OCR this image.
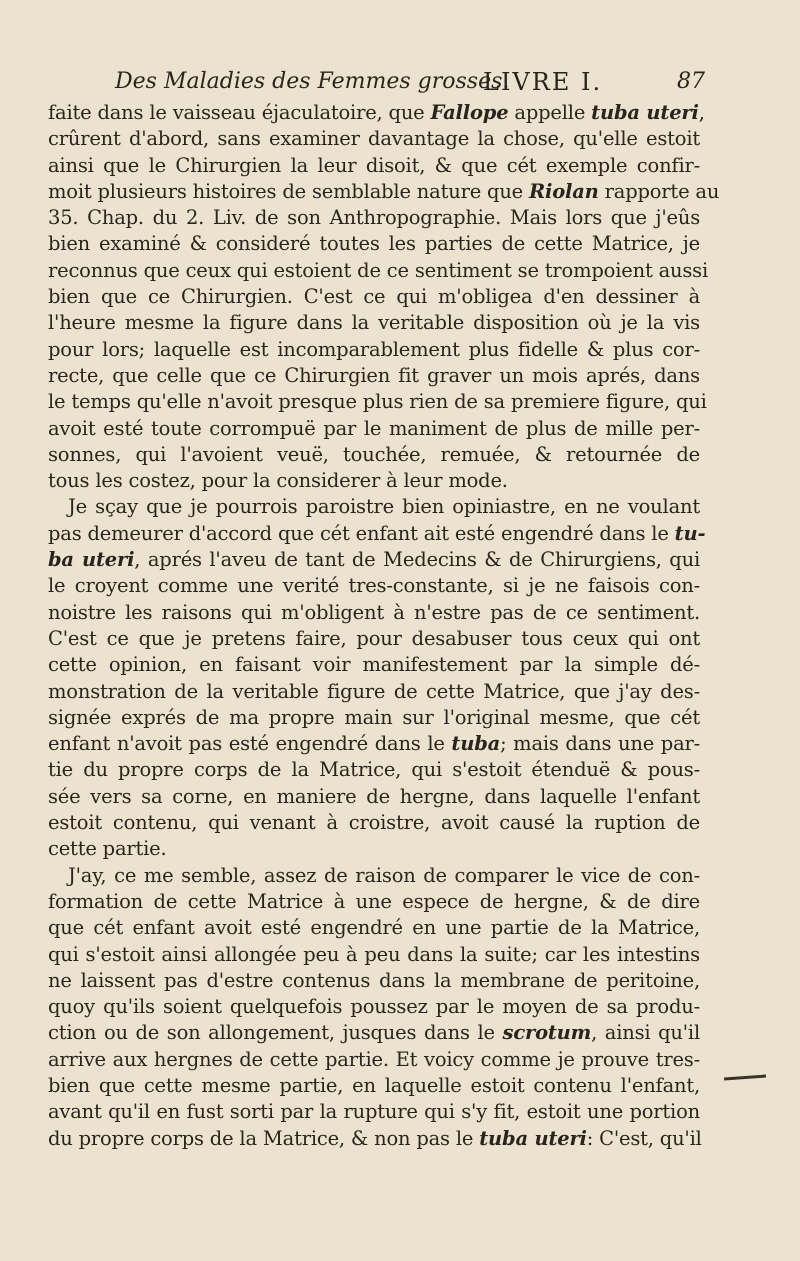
Des Maladies des Femmes grosses.
LIVRE I.	87
faite dans le vaisseau éjaculatoire, que Fallope appelle tuba uteri,
crûrent d'abord, sans examiner davantage la chose, qu'elle estoit
ainsi que le Chirurgien la leur disoit, & que cét exemple confir-
moit plusieurs histoires de semblable nature que Riolan rapporte au
35. Chap. du 2. Liv. de son Anthropographie. Mais lors que j'eûs
bien examiné & consideré toutes les parties de cette Matrice, je
reconnus que ceux qui estoient de ce sentiment se trompoient aussi
bien que ce Chirurgien. C'est ce qui m'obligea d'en dessiner à
l'heure mesme la figure dans la veritable disposition où je la vis
pour lors; laquelle est incomparablement plus fidelle & plus cor-
recte, que celle que ce Chirurgien fit graver un mois aprés, dans
le temps qu'elle n'avoit presque plus rien de sa premiere figure, qui
avoit esté toute corrompuë par le maniment de plus de mille per-
sonnes, qui l'avoient veuë, touchée, remuée, & retournée de
tous les costez, pour la considerer à leur mode.
Je sçay que je pourrois paroistre bien opiniastre, en ne voulant
pas demeurer d'accord que cét enfant ait esté engendré dans le tu-
ba uteri, aprés l'aveu de tant de Medecins & de Chirurgiens, qui
le croyent comme une verité tres-constante, si je ne faisois con-
noistre les raisons qui m'obligent à n'estre pas de ce sentiment.
C'est ce que je pretens faire, pour desabuser tous ceux qui ont
cette opinion, en faisant voir manifestement par la simple dé-
monstration de la veritable figure de cette Matrice, que j'ay des-
signée exprés de ma propre main sur l'original mesme, que cét
enfant n'avoit pas esté engendré dans le tuba; mais dans une par-
tie du propre corps de la Matrice, qui s'estoit étenduë & pous-
sée vers sa corne, en maniere de hergne, dans laquelle l'enfant
estoit contenu, qui venant à croistre, avoit causé la ruption de
cette partie.
J'ay, ce me semble, assez de raison de comparer le vice de con-
formation de cette Matrice à une espece de hergne, & de dire
que cét enfant avoit esté engendré en une partie de la Matrice,
qui s'estoit ainsi allongée peu à peu dans la suite; car les intestins
ne laissent pas d'estre contenus dans la membrane de peritoine,
quoy qu'ils soient quelquefois poussez par le moyen de sa produ-
ction ou de son allongement, jusques dans le scrotum, ainsi qu'il
arrive aux hergnes de cette partie. Et voicy comme je prouve tres-
bien que cette mesme partie, en laquelle estoit contenu l'enfant,
avant qu'il en fust sorti par la rupture qui s'y fit, estoit une portion
du propre corps de la Matrice, & non pas le tuba uteri: C'est, qu'il
